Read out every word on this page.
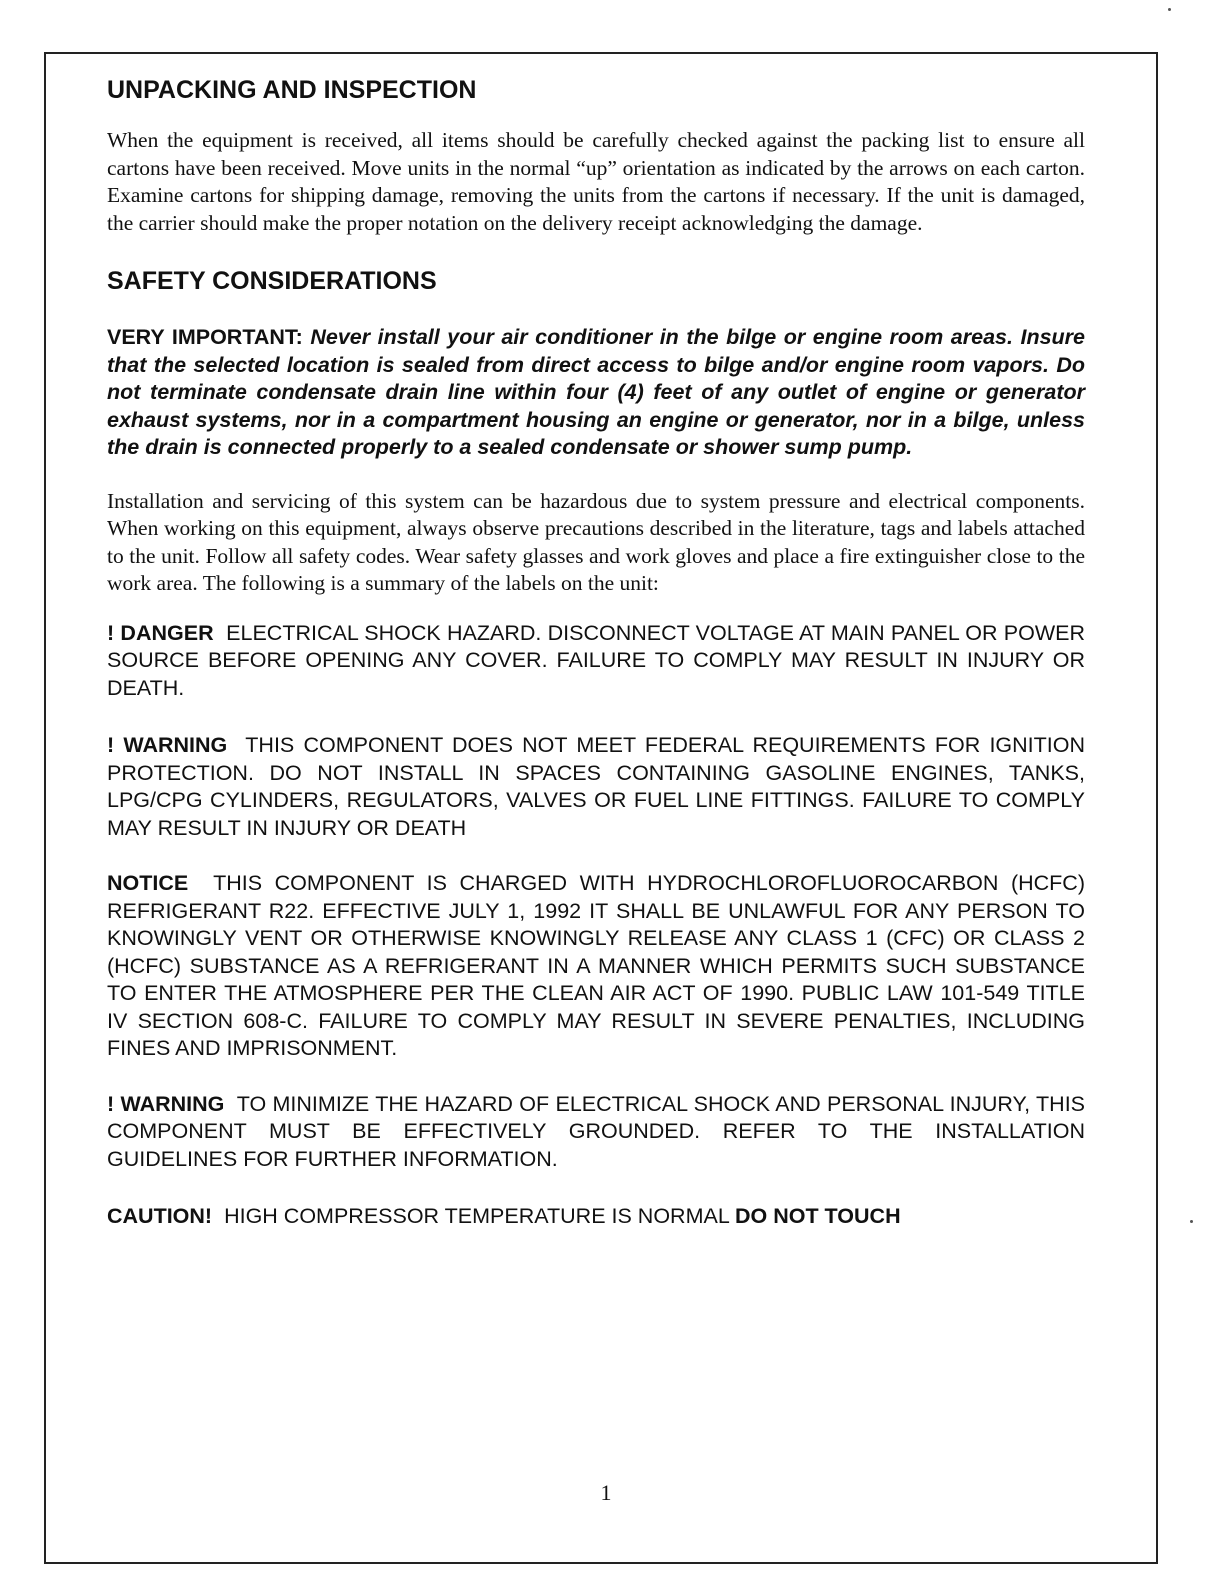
UNPACKING AND INSPECTION

When the equipment is received, all items should be carefully checked against the packing list to ensure all cartons have been received. Move units in the normal “up” orientation as indicated by the arrows on each carton. Examine cartons for shipping damage, removing the units from the cartons if necessary. If the unit is damaged, the carrier should make the proper notation on the delivery receipt acknowledging the damage.

SAFETY CONSIDERATIONS

VERY IMPORTANT: Never install your air conditioner in the bilge or engine room areas. Insure that the selected location is sealed from direct access to bilge and/or engine room vapors. Do not terminate condensate drain line within four (4) feet of any outlet of engine or generator exhaust systems, nor in a compartment housing an engine or generator, nor in a bilge, unless the drain is connected properly to a sealed condensate or shower sump pump.

Installation and servicing of this system can be hazardous due to system pressure and electrical components. When working on this equipment, always observe precautions described in the literature, tags and labels attached to the unit. Follow all safety codes. Wear safety glasses and work gloves and place a fire extinguisher close to the work area. The following is a summary of the labels on the unit:

! DANGER ELECTRICAL SHOCK HAZARD. DISCONNECT VOLTAGE AT MAIN PANEL OR POWER SOURCE BEFORE OPENING ANY COVER. FAILURE TO COMPLY MAY RESULT IN INJURY OR DEATH.

! WARNING THIS COMPONENT DOES NOT MEET FEDERAL REQUIREMENTS FOR IGNITION PROTECTION. DO NOT INSTALL IN SPACES CONTAINING GASOLINE ENGINES, TANKS, LPG/CPG CYLINDERS, REGULATORS, VALVES OR FUEL LINE FITTINGS. FAILURE TO COMPLY MAY RESULT IN INJURY OR DEATH

NOTICE THIS COMPONENT IS CHARGED WITH HYDROCHLOROFLUOROCARBON (HCFC) REFRIGERANT R22. EFFECTIVE JULY 1, 1992 IT SHALL BE UNLAWFUL FOR ANY PERSON TO KNOWINGLY VENT OR OTHERWISE KNOWINGLY RELEASE ANY CLASS 1 (CFC) OR CLASS 2 (HCFC) SUBSTANCE AS A REFRIGERANT IN A MANNER WHICH PERMITS SUCH SUBSTANCE TO ENTER THE ATMOSPHERE PER THE CLEAN AIR ACT OF 1990. PUBLIC LAW 101-549 TITLE IV SECTION 608-C. FAILURE TO COMPLY MAY RESULT IN SEVERE PENALTIES, INCLUDING FINES AND IMPRISONMENT.

! WARNING TO MINIMIZE THE HAZARD OF ELECTRICAL SHOCK AND PERSONAL INJURY, THIS COMPONENT MUST BE EFFECTIVELY GROUNDED. REFER TO THE INSTALLATION GUIDELINES FOR FURTHER INFORMATION.

CAUTION! HIGH COMPRESSOR TEMPERATURE IS NORMAL DO NOT TOUCH

1
